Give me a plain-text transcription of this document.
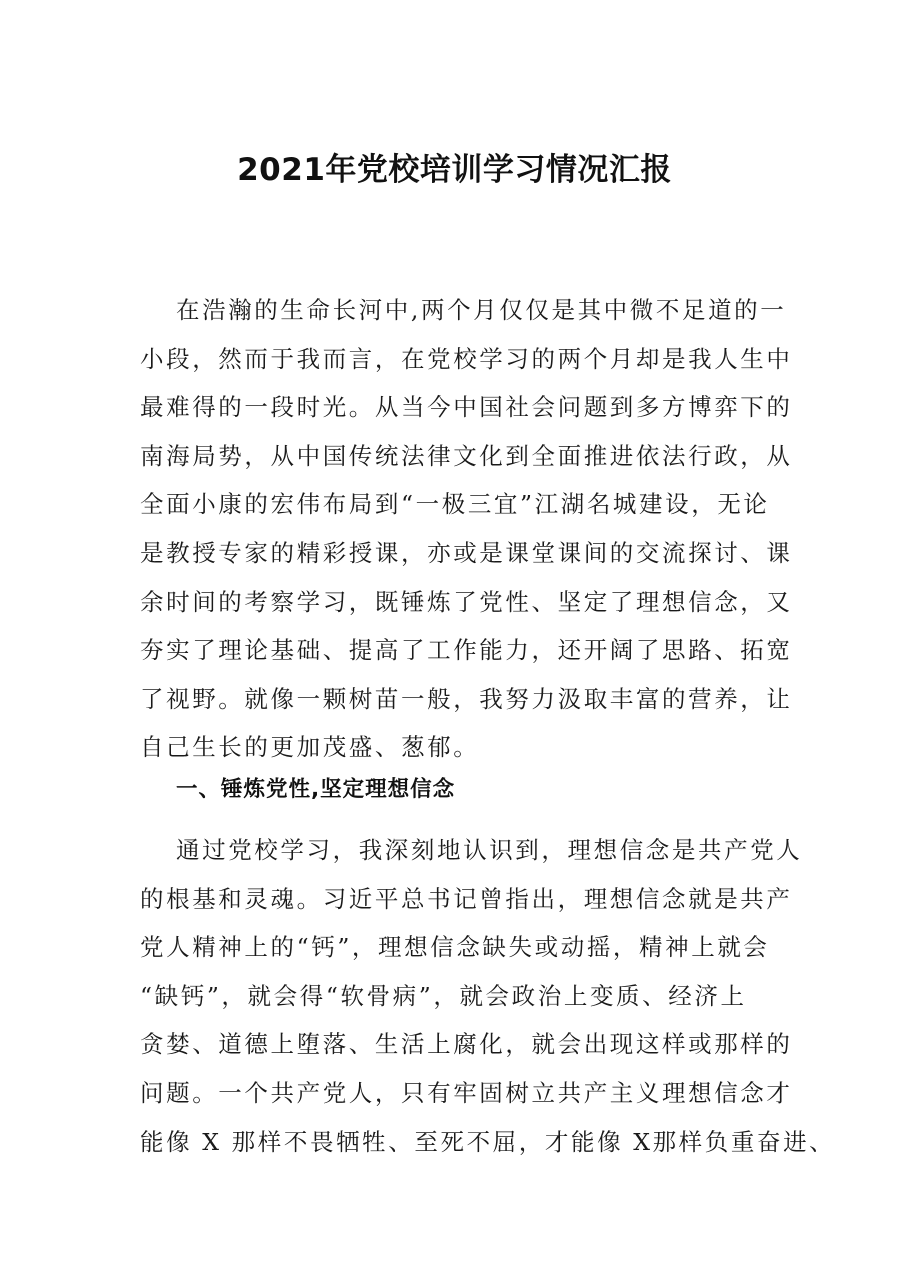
2021年党校培训学习情况汇报
在浩瀚的生命长河中,两个月仅仅是其中微不足道的一
小段，然而于我而言，在党校学习的两个月却是我人生中
最难得的一段时光。从当今中国社会问题到多方博弈下的
南海局势，从中国传统法律文化到全面推进依法行政，从
全面小康的宏伟布局到“一极三宜”江湖名城建设，无论
是教授专家的精彩授课，亦或是课堂课间的交流探讨、课
余时间的考察学习，既锤炼了党性、坚定了理想信念，又
夯实了理论基础、提高了工作能力，还开阔了思路、拓宽
了视野。就像一颗树苗一般，我努力汲取丰富的营养，让
自己生长的更加茂盛、葱郁。
一、锤炼党性,坚定理想信念
通过党校学习，我深刻地认识到，理想信念是共产党人
的根基和灵魂。习近平总书记曾指出，理想信念就是共产
党人精神上的“钙”，理想信念缺失或动摇，精神上就会
“缺钙”，就会得“软骨病”，就会政治上变质、经济上
贪婪、道德上堕落、生活上腐化，就会出现这样或那样的
问题。一个共产党人，只有牢固树立共产主义理想信念才
能像 X 那样不畏牺牲、至死不屈，才能像 X那样负重奋进、
